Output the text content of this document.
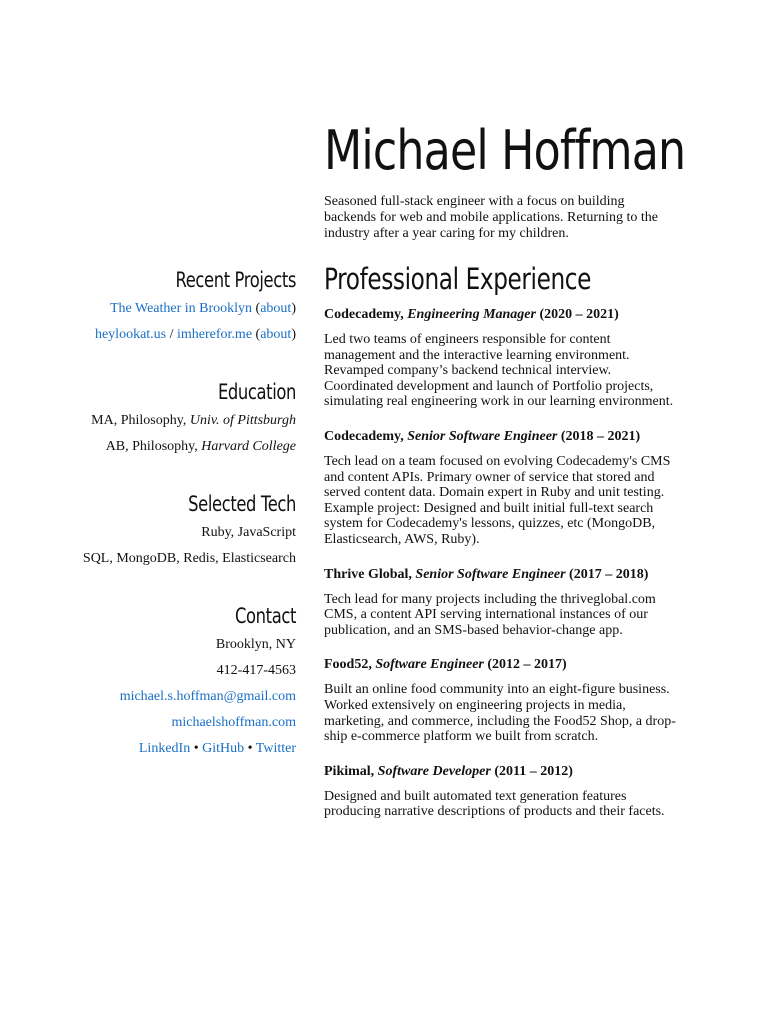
Michael Hoffman

Seasoned full-stack engineer with a focus on building backends for web and mobile applications. Returning to the industry after a year caring for my children.

Recent Projects
The Weather in Brooklyn (about)
heylookat.us / imherefor.me (about)
Education
MA, Philosophy, Univ. of Pittsburgh
AB, Philosophy, Harvard College
Selected Tech
Ruby, JavaScript
SQL, MongoDB, Redis, Elasticsearch
Contact
Brooklyn, NY
412-417-4563
michael.s.hoffman@gmail.com
michaelshoffman.com
LinkedIn • GitHub • Twitter
Professional Experience

Codecademy, Engineering Manager (2020 – 2021)

Led two teams of engineers responsible for content management and the interactive learning environment. Revamped company’s backend technical interview. Coordinated development and launch of Portfolio projects, simulating real engineering work in our learning environment.

Codecademy, Senior Software Engineer (2018 – 2021)

Tech lead on a team focused on evolving Codecademy's CMS and content APIs. Primary owner of service that stored and served content data. Domain expert in Ruby and unit testing. Example project: Designed and built initial full-text search system for Codecademy's lessons, quizzes, etc (MongoDB, Elasticsearch, AWS, Ruby).

Thrive Global, Senior Software Engineer (2017 – 2018)

Tech lead for many projects including the thriveglobal.com CMS, a content API serving international instances of our publication, and an SMS-based behavior-change app.

Food52, Software Engineer (2012 – 2017)

Built an online food community into an eight-figure business. Worked extensively on engineering projects in media, marketing, and commerce, including the Food52 Shop, a drop-ship e-commerce platform we built from scratch.

Pikimal, Software Developer (2011 – 2012)

Designed and built automated text generation features producing narrative descriptions of products and their facets.
